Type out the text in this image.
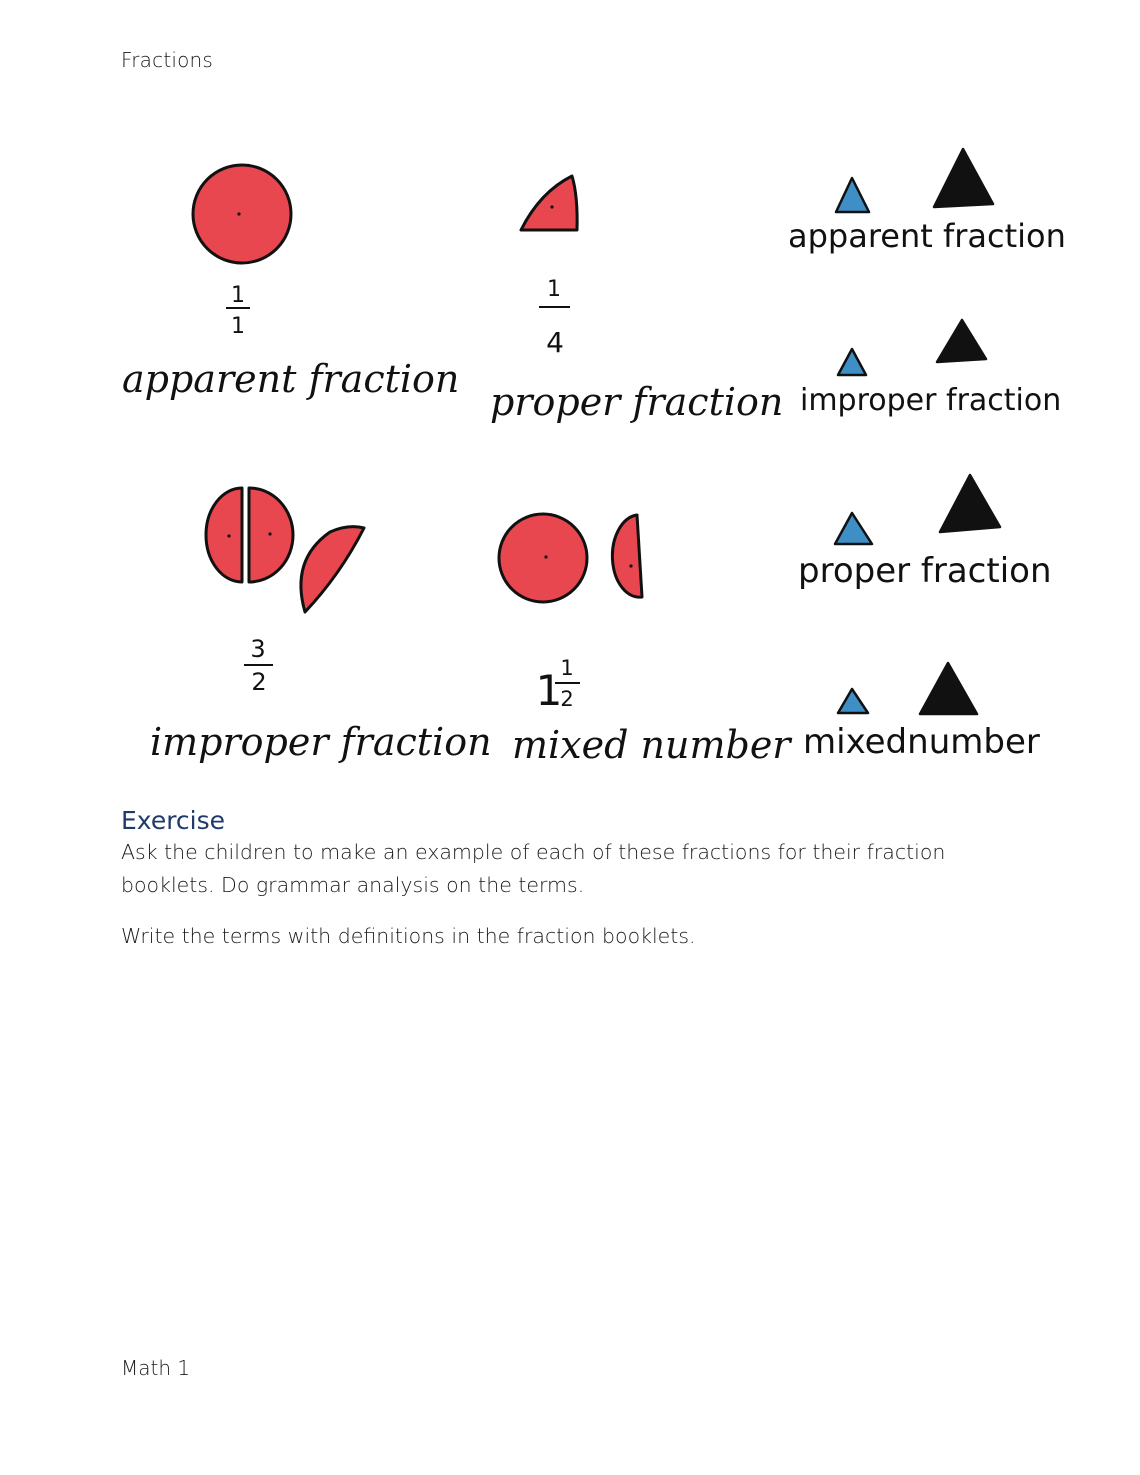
Fractions
1
1
apparent fraction
1
4
proper fraction
3
2
improper fraction
1
1
2
mixed number
apparent fraction
improper fraction
proper fraction
mixednumber
Exercise

Ask the children to make an example of each of these fractions for their fraction booklets. Do grammar analysis on the terms.

Write the terms with definitions in the fraction booklets.

Math 1
